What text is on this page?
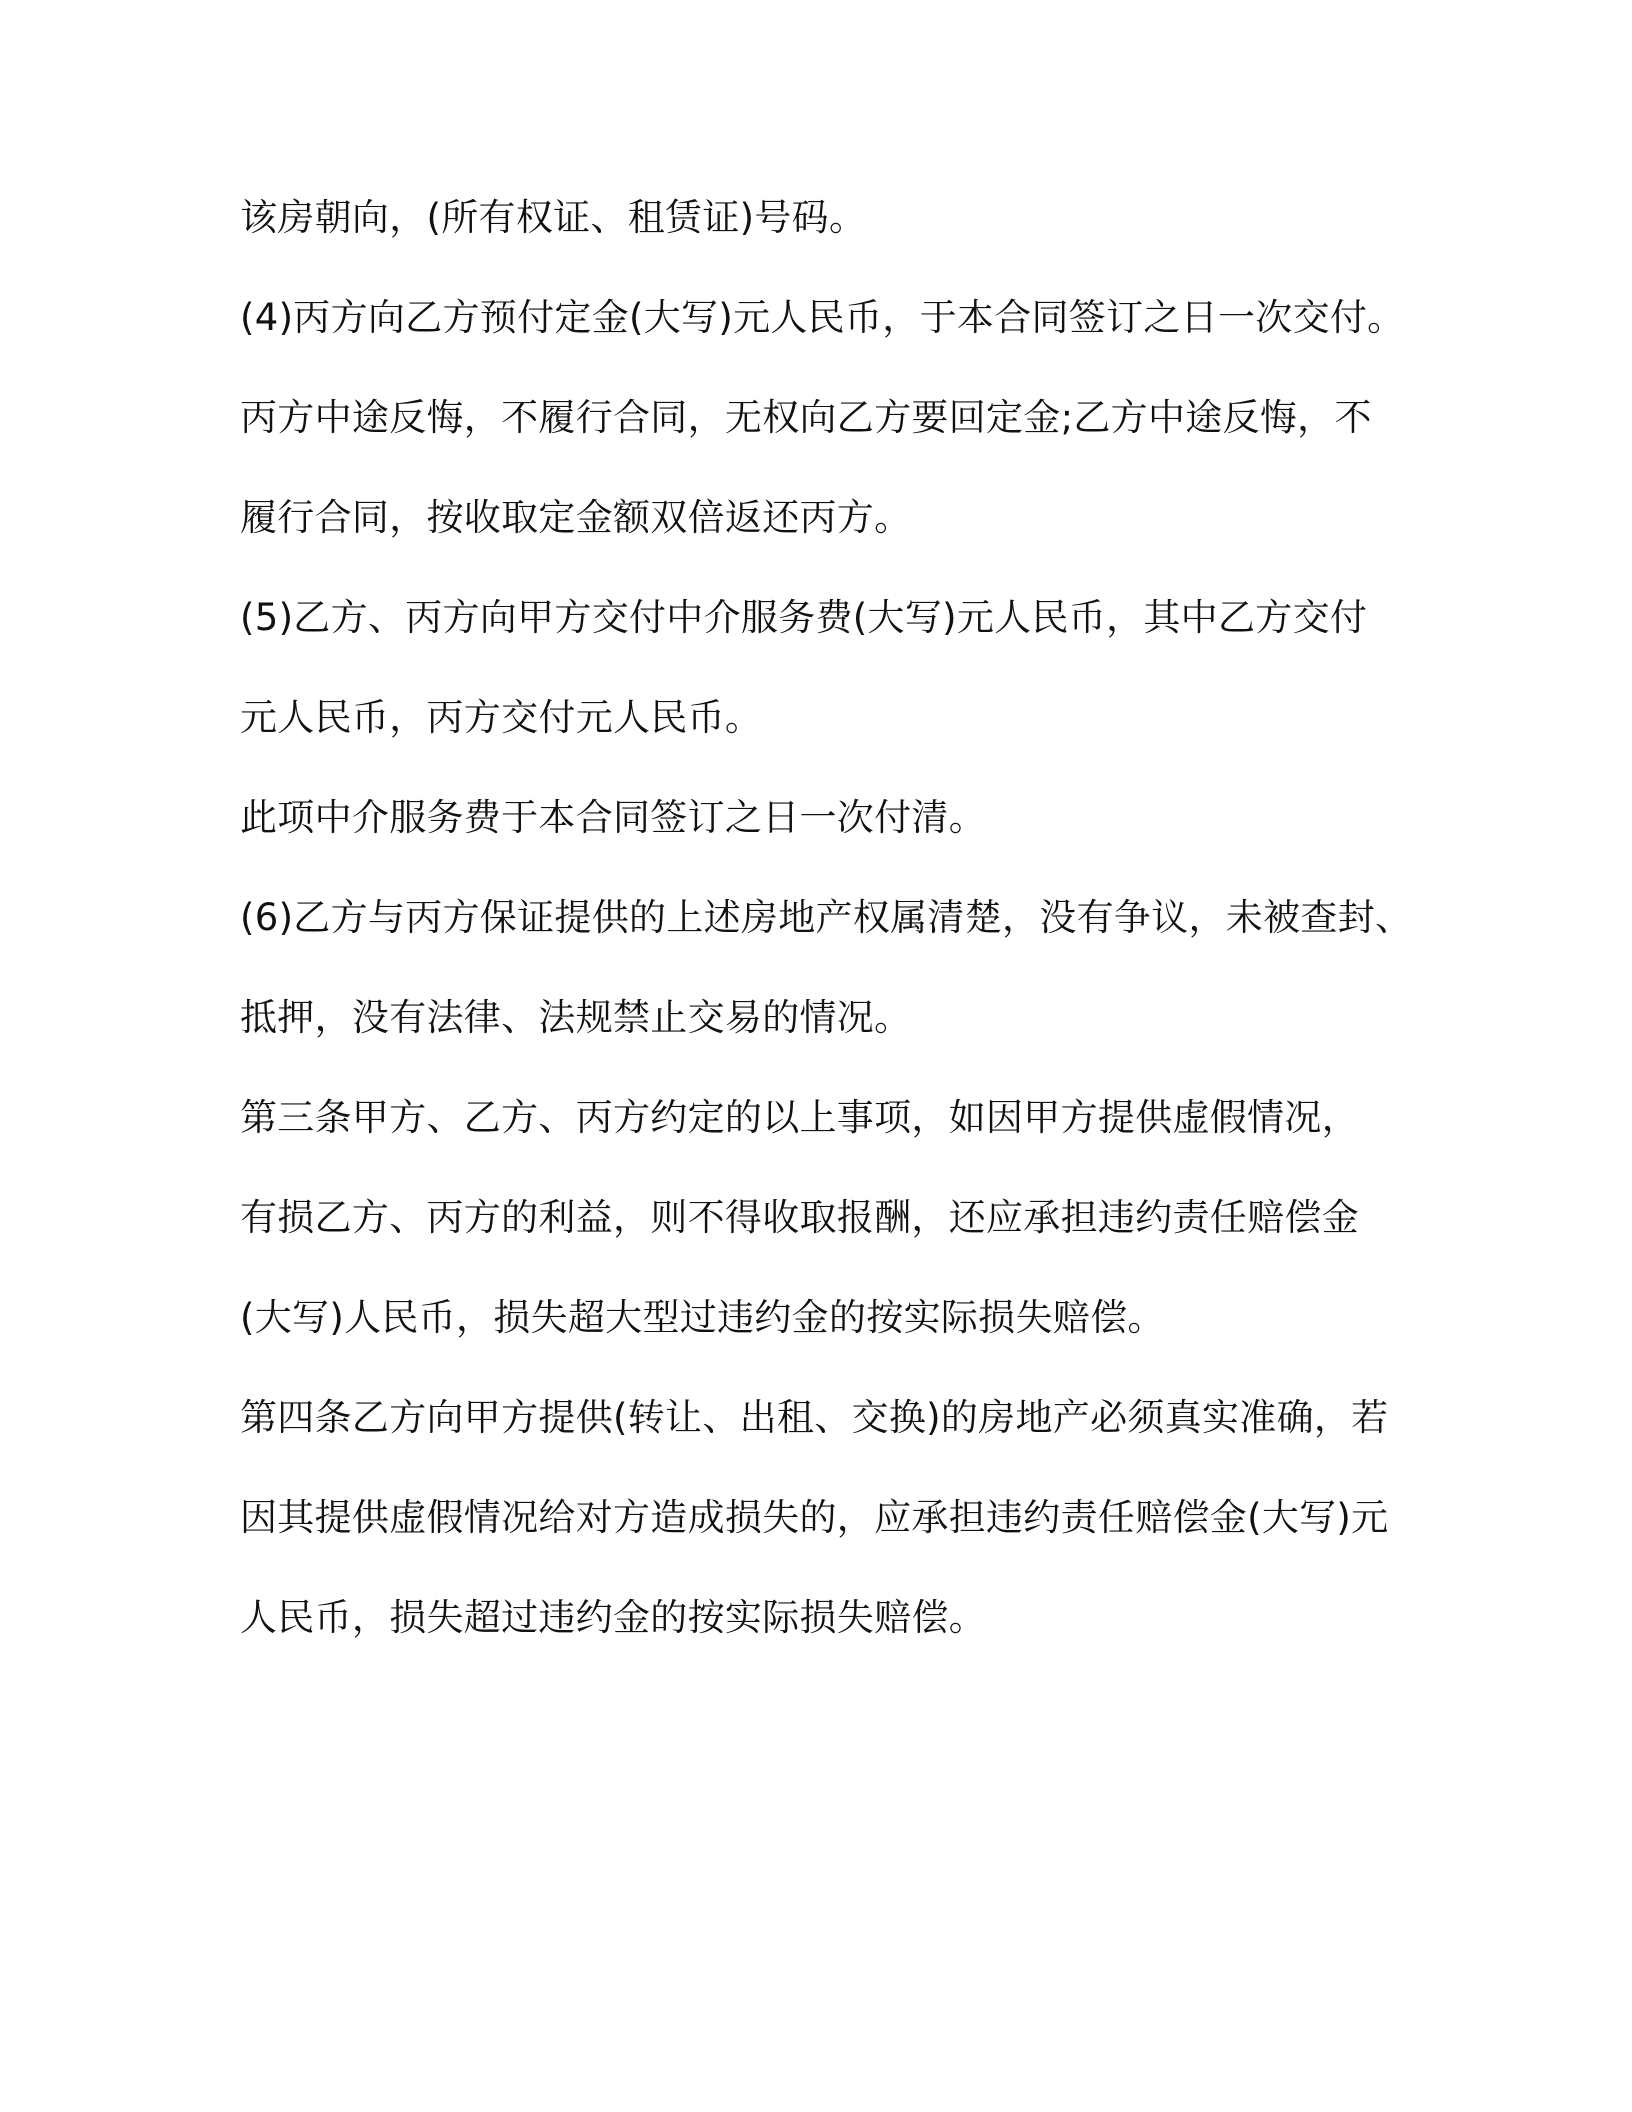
该房朝向，(所有权证、租赁证)号码。
(4)丙方向乙方预付定金(大写)元人民币，于本合同签订之日一次交付。
丙方中途反悔，不履行合同，无权向乙方要回定金;乙方中途反悔，不
履行合同，按收取定金额双倍返还丙方。
(5)乙方、丙方向甲方交付中介服务费(大写)元人民币，其中乙方交付
元人民币，丙方交付元人民币。
此项中介服务费于本合同签订之日一次付清。
(6)乙方与丙方保证提供的上述房地产权属清楚，没有争议，未被查封、
抵押，没有法律、法规禁止交易的情况。
第三条甲方、乙方、丙方约定的以上事项，如因甲方提供虚假情况，
有损乙方、丙方的利益，则不得收取报酬，还应承担违约责任赔偿金
(大写)人民币，损失超大型过违约金的按实际损失赔偿。
第四条乙方向甲方提供(转让、出租、交换)的房地产必须真实准确，若
因其提供虚假情况给对方造成损失的，应承担违约责任赔偿金(大写)元
人民币，损失超过违约金的按实际损失赔偿。
